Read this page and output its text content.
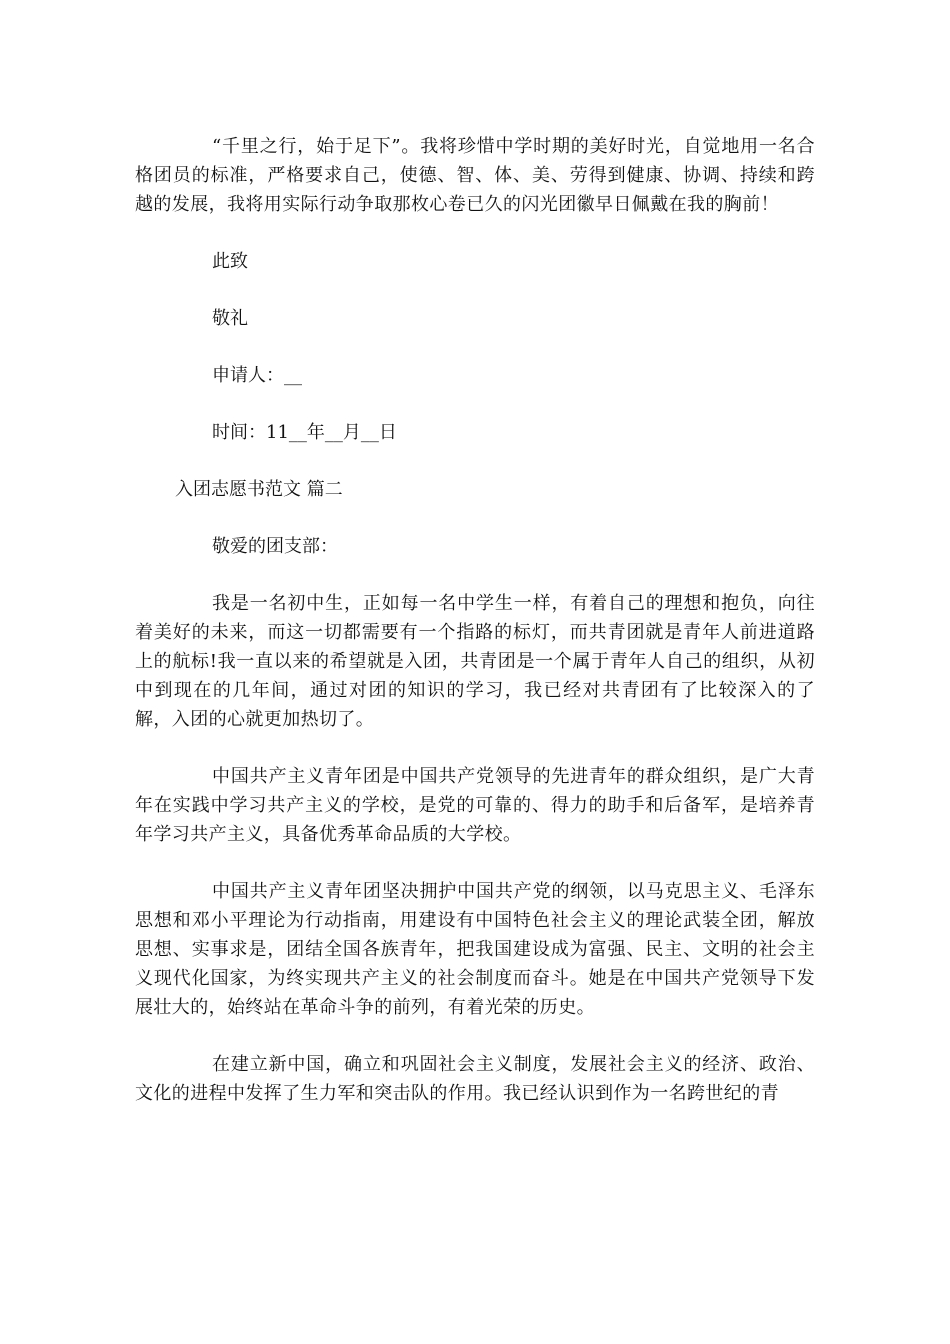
“千里之行，始于足下”。我将珍惜中学时期的美好时光，自觉地用一名合格团员的标准，严格要求自己，使德、智、体、美、劳得到健康、协调、持续和跨越的发展，我将用实际行动争取那枚心卷已久的闪光团徽早日佩戴在我的胸前！

此致

敬礼

申请人：__

时间：11__年__月__日

入团志愿书范文 篇二

敬爱的团支部：

我是一名初中生，正如每一名中学生一样，有着自己的理想和抱负，向往着美好的未来，而这一切都需要有一个指路的标灯，而共青团就是青年人前进道路上的航标!我一直以来的希望就是入团，共青团是一个属于青年人自己的组织，从初中到现在的几年间，通过对团的知识的学习，我已经对共青团有了比较深入的了解，入团的心就更加热切了。

中国共产主义青年团是中国共产党领导的先进青年的群众组织，是广大青年在实践中学习共产主义的学校，是党的可靠的、得力的助手和后备军，是培养青年学习共产主义，具备优秀革命品质的大学校。

中国共产主义青年团坚决拥护中国共产党的纲领，以马克思主义、毛泽东思想和邓小平理论为行动指南，用建设有中国特色社会主义的理论武装全团，解放思想、实事求是，团结全国各族青年，把我国建设成为富强、民主、文明的社会主义现代化国家，为终实现共产主义的社会制度而奋斗。她是在中国共产党领导下发展壮大的，始终站在革命斗争的前列，有着光荣的历史。

在建立新中国，确立和巩固社会主义制度，发展社会主义的经济、政治、文化的进程中发挥了生力军和突击队的作用。我已经认识到作为一名跨世纪的青
